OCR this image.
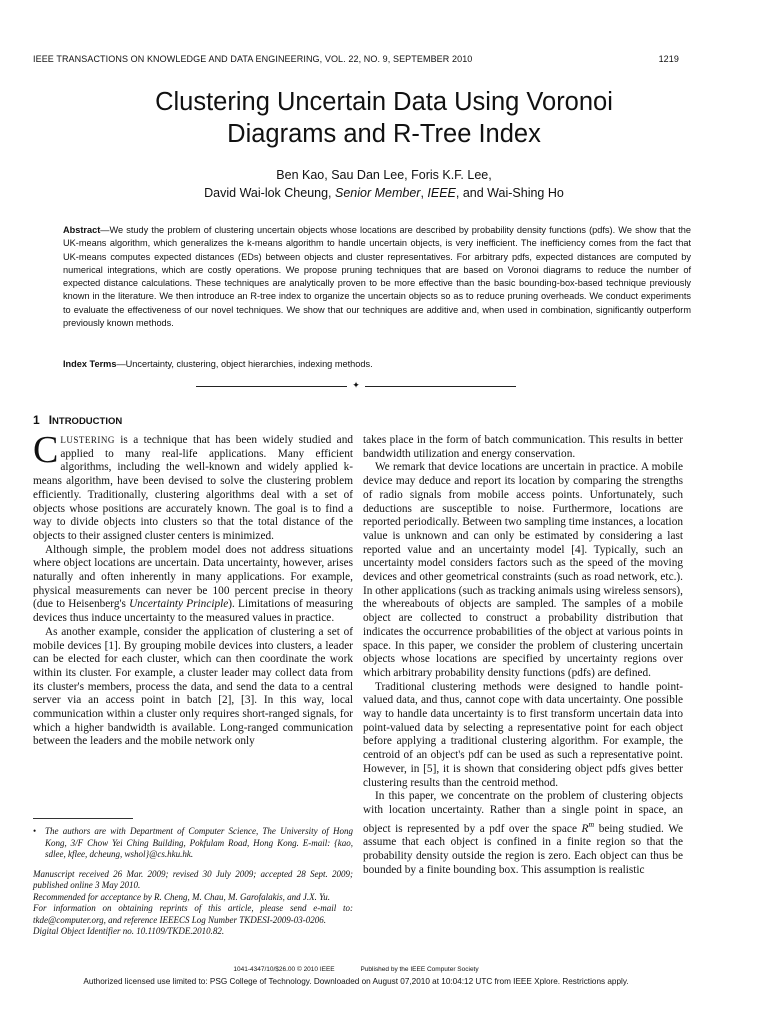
IEEE TRANSACTIONS ON KNOWLEDGE AND DATA ENGINEERING, VOL. 22, NO. 9, SEPTEMBER 2010	1219
Clustering Uncertain Data Using Voronoi
Diagrams and R-Tree Index
Ben Kao, Sau Dan Lee, Foris K.F. Lee,
David Wai-lok Cheung, Senior Member, IEEE, and Wai-Shing Ho
Abstract—We study the problem of clustering uncertain objects whose locations are described by probability density functions (pdfs). We show that the UK-means algorithm, which generalizes the k-means algorithm to handle uncertain objects, is very inefficient. The inefficiency comes from the fact that UK-means computes expected distances (EDs) between objects and cluster representatives. For arbitrary pdfs, expected distances are computed by numerical integrations, which are costly operations. We propose pruning techniques that are based on Voronoi diagrams to reduce the number of expected distance calculations. These techniques are analytically proven to be more effective than the basic bounding-box-based technique previously known in the literature. We then introduce an R-tree index to organize the uncertain objects so as to reduce pruning overheads. We conduct experiments to evaluate the effectiveness of our novel techniques. We show that our techniques are additive and, when used in combination, significantly outperform previously known methods.
Index Terms—Uncertainty, clustering, object hierarchies, indexing methods.
✦
1 INTRODUCTION

CLUSTERING is a technique that has been widely studied and applied to many real-life applications. Many efficient algorithms, including the well-known and widely applied k-means algorithm, have been devised to solve the clustering problem efficiently. Traditionally, clustering algorithms deal with a set of objects whose positions are accurately known. The goal is to find a way to divide objects into clusters so that the total distance of the objects to their assigned cluster centers is minimized.

Although simple, the problem model does not address situations where object locations are uncertain. Data uncertainty, however, arises naturally and often inherently in many applications. For example, physical measurements can never be 100 percent precise in theory (due to Heisenberg's Uncertainty Principle). Limitations of measuring devices thus induce uncertainty to the measured values in practice.

As another example, consider the application of clustering a set of mobile devices [1]. By grouping mobile devices into clusters, a leader can be elected for each cluster, which can then coordinate the work within its cluster. For example, a cluster leader may collect data from its cluster's members, process the data, and send the data to a central server via an access point in batch [2], [3]. In this way, local communication within a cluster only requires short-ranged signals, for which a higher bandwidth is available. Long-ranged communication between the leaders and the mobile network only

takes place in the form of batch communication. This results in better bandwidth utilization and energy conservation.

We remark that device locations are uncertain in practice. A mobile device may deduce and report its location by comparing the strengths of radio signals from mobile access points. Unfortunately, such deductions are susceptible to noise. Furthermore, locations are reported periodically. Between two sampling time instances, a location value is unknown and can only be estimated by considering a last reported value and an uncertainty model [4]. Typically, such an uncertainty model considers factors such as the speed of the moving devices and other geometrical constraints (such as road network, etc.). In other applications (such as tracking animals using wireless sensors), the whereabouts of objects are sampled. The samples of a mobile object are collected to construct a probability distribution that indicates the occurrence probabilities of the object at various points in space. In this paper, we consider the problem of clustering uncertain objects whose locations are specified by uncertainty regions over which arbitrary probability density functions (pdfs) are defined.

Traditional clustering methods were designed to handle point-valued data, and thus, cannot cope with data uncertainty. One possible way to handle data uncertainty is to first transform uncertain data into point-valued data by selecting a representative point for each object before applying a traditional clustering algorithm. For example, the centroid of an object's pdf can be used as such a representative point. However, in [5], it is shown that considering object pdfs gives better clustering results than the centroid method.

In this paper, we concentrate on the problem of clustering objects with location uncertainty. Rather than a single point in space, an object is represented by a pdf over the space $R^m$ being studied. We assume that each object is confined in a finite region so that the probability density outside the region is zero. Each object can thus be bounded by a finite bounding box. This assumption is realistic

• The authors are with Department of Computer Science, The University of Hong Kong, 3/F Chow Yei Ching Building, Pokfulam Road, Hong Kong. E-mail: {kao, sdlee, kflee, dcheung, wshol}@cs.hku.hk.

Manuscript received 26 Mar. 2009; revised 30 July 2009; accepted 28 Sept. 2009; published online 3 May 2010.

Recommended for acceptance by R. Cheng, M. Chau, M. Garofalakis, and J.X. Yu.

For information on obtaining reprints of this article, please send e-mail to: tkde@computer.org, and reference IEEECS Log Number TKDESI-2009-03-0206.

Digital Object Identifier no. 10.1109/TKDE.2010.82.

1041-4347/10/$26.00 © 2010 IEEE	Published by the IEEE Computer Society
Authorized licensed use limited to: PSG College of Technology. Downloaded on August 07,2010 at 10:04:12 UTC from IEEE Xplore. Restrictions apply.
